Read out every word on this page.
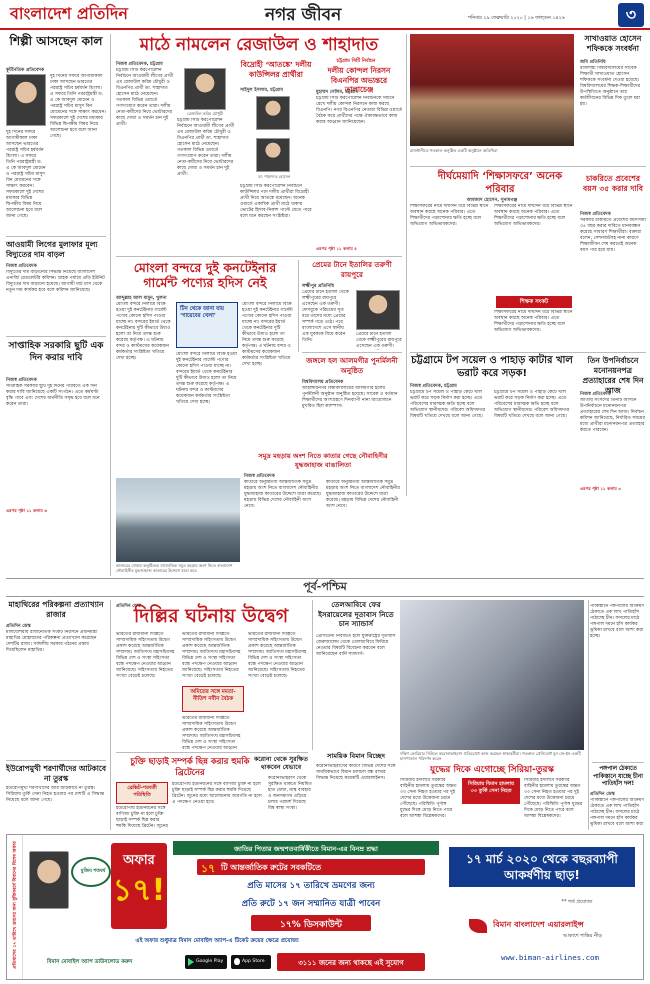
বাংলাদেশ প্রতিদিন	নগর জীবন	শনিবার ২৯ ফেব্রুয়ারি ২০২০ | ১৬ ফাল্গুন ১৪২৬	৩
শিল্পী আসছেন কাল
কূটনৈতিক প্রতিবেদক
দুই দিনের সফরে আগামীকাল ঢাকা আসছেন ভারতের পররাষ্ট্র সচিব হর্ষবর্ধন শ্রিংলা। এ সফরে তিনি পররাষ্ট্রমন্ত্রী ড. এ কে আবদুল মোমেন ও পররাষ্ট্র সচিব মাসুদ বিন মোমেনের সঙ্গে সাক্ষাৎ করবেন। সফরকালে দুই দেশের মধ্যকার বিভিন্ন দ্বিপক্ষীয় বিষয় নিয়ে আলোচনা হবে বলে জানা গেছে।
দুই দিনের সফরে আগামীকাল ঢাকা আসছেন ভারতের পররাষ্ট্র সচিব হর্ষবর্ধন শ্রিংলা। এ সফরে তিনি পররাষ্ট্রমন্ত্রী ড. এ কে আবদুল মোমেন ও পররাষ্ট্র সচিব মাসুদ বিন মোমেনের সঙ্গে সাক্ষাৎ করবেন। সফরকালে দুই দেশের মধ্যকার বিভিন্ন দ্বিপক্ষীয় বিষয় নিয়ে আলোচনা হবে বলে জানা গেছে।
আওয়ামী লিগের মুলাফার মূল্য বিদ্যুতের দাম বাড়ল
নিজস্ব প্রতিবেদক
বিদ্যুতের দাম বাড়ানোর সিদ্ধান্ত নিয়েছে বাংলাদেশ এনার্জি রেগুলেটরি কমিশন। গ্রাহক পর্যায়ে প্রতি ইউনিট বিদ্যুতের দাম বাড়ানো হয়েছে। আগামী মার্চ মাস থেকে নতুন দাম কার্যকর হবে বলে কমিশন জানিয়েছে।
সাপ্তাহিক সরকারি ছুটি এক দিন করার দাবি
নিজস্ব প্রতিবেদক
সাপ্তাহিক সরকারি ছুটি দুই দিনের পরিবর্তে এক দিন করার দাবি জানিয়েছে একটি সংগঠন। এতে কর্মঘণ্টা বৃদ্ধি পাবে এবং দেশের অর্থনীতি সমৃদ্ধ হবে বলে মনে করেন তারা।
এরপর পৃষ্ঠা ১১ কলাম ৬
মাঠে নামলেন রেজাউল ও শাহাদাত
নিজস্ব প্রতিবেদক, চট্টগ্রাম
চট্টগ্রাম সিটি করপোরেশন নির্বাচনে আওয়ামী লীগের প্রার্থী এম রেজাউল করিম চৌধুরী ও বিএনপির প্রার্থী ডা. শাহাদাত হোসেন মাঠে নেমেছেন। গতকাল বিভিন্ন ওয়ার্ডে গণসংযোগ করেন তারা। দলীয় নেতা-কর্মীদের নিয়ে ভোটারদের কাছে দোয়া ও সমর্থন চান দুই প্রার্থী।
চট্টগ্রাম সিটি করপোরেশন নির্বাচনে আওয়ামী লীগের প্রার্থী এম রেজাউল করিম চৌধুরী ও বিএনপির প্রার্থী ডা. শাহাদাত হোসেন মাঠে নেমেছেন। গতকাল বিভিন্ন ওয়ার্ডে গণসংযোগ করেন তারা। দলীয় নেতা-কর্মীদের নিয়ে ভোটারদের কাছে দোয়া ও সমর্থন চান দুই প্রার্থী।
রেজাউল করিম চৌধুরী
বিদ্রোহী ‘আতঙ্কে’ দলীয় কাউন্সিলর প্রার্থীরা
সাইদুল ইসলাম, চট্টগ্রাম
ডা. শাহাদাত হোসেন
চট্টগ্রাম সিটি করপোরেশন নির্বাচনে কাউন্সিলর পদে দলীয় প্রার্থীরা বিদ্রোহী প্রার্থী নিয়ে আতঙ্কে রয়েছেন। অনেক ওয়ার্ডে একাধিক প্রার্থী মাঠে থাকায় ভোটের হিসাব-নিকাশ পাল্টে যেতে পারে বলে মনে করছেন সংশ্লিষ্টরা।
চট্টগ্রাম সিটি নির্বাচন
দলীয় কোন্দল নিরসন বিএনপির অভ্যন্তরে তালাচেঞ্জ
মুহাম্মদ সেলিম, চট্টগ্রাম
চট্টগ্রাম সিটি করপোরেশন নির্বাচনকে সামনে রেখে দলীয় কোন্দল নিরসনে কাজ করছে বিএনপি। নগর বিএনপির নেতারা বিভিন্ন ওয়ার্ডে বৈঠক করে প্রার্থীদের পক্ষে ঐক্যবদ্ধভাবে কাজ করার আহ্বান জানিয়েছেন।
এরপর পৃষ্ঠা ১১ কলাম ৫
রাজধানীতে গতকাল অনুষ্ঠিত একটি অনুষ্ঠানে অতিথিরা
সাখাওয়াত হোসেন শফিককে সংবর্ধনা
জবি প্রতিনিধি
রাজশাহী বিশ্ববিদ্যালয়ের সাবেক শিক্ষার্থী সাখাওয়াত হোসেন শফিককে সংবর্ধনা দেওয়া হয়েছে। বিশ্ববিদ্যালয়ের শিক্ষক-শিক্ষার্থীদের উপস্থিতিতে অনুষ্ঠানে তার কর্মজীবনের বিভিন্ন দিক তুলে ধরা হয়।
দীর্ঘমেয়াদি ‘শিক্ষাসফরে’ অনেক পরিবার
আমজাদ হোসেন, সুনামগঞ্জ
শিক্ষাসফরের নামে দীর্ঘদিন ধরে বিভিন্ন স্থানে অবস্থান করছে অনেক পরিবার। এতে শিক্ষার্থীদের পড়াশোনার ক্ষতি হচ্ছে বলে অভিযোগ অভিভাবকদের।
শিক্ষাসফরের নামে দীর্ঘদিন ধরে বিভিন্ন স্থানে অবস্থান করছে অনেক পরিবার। এতে শিক্ষার্থীদের পড়াশোনার ক্ষতি হচ্ছে বলে অভিযোগ অভিভাবকদের।
শিক্ষক সংকট
শিক্ষাসফরের নামে দীর্ঘদিন ধরে বিভিন্ন স্থানে অবস্থান করছে অনেক পরিবার। এতে শিক্ষার্থীদের পড়াশোনার ক্ষতি হচ্ছে বলে অভিযোগ অভিভাবকদের।
চাকরিতে প্রবেশের বয়স ৩৫ করার দাবি
নিজস্ব প্রতিবেদক
সরকারি চাকরিতে প্রবেশের বয়সসীমা ৩৫ বছর করার দাবিতে মানববন্ধন করেছে সাধারণ শিক্ষার্থীরা। বক্তারা বলেন, সেশনজটসহ নানা কারণে শিক্ষাজীবন শেষ করতেই অনেক বয়স পার হয়ে যায়।
চট্টগ্রামে টপ সয়েল ও পাহাড় কাটার খাল ভরাট করে সড়ক!
নিজস্ব প্রতিবেদক, চট্টগ্রাম
চট্টগ্রামে টপ সয়েল ও পাহাড় কেটে খাল ভরাট করে সড়ক নির্মাণ করা হচ্ছে। এতে পরিবেশের মারাত্মক ক্ষতি হচ্ছে বলে অভিযোগ স্থানীয়দের। পরিবেশ অধিদফতর বিষয়টি খতিয়ে দেখছে বলে জানা গেছে।
চট্টগ্রামে টপ সয়েল ও পাহাড় কেটে খাল ভরাট করে সড়ক নির্মাণ করা হচ্ছে। এতে পরিবেশের মারাত্মক ক্ষতি হচ্ছে বলে অভিযোগ স্থানীয়দের। পরিবেশ অধিদফতর বিষয়টি খতিয়ে দেখছে বলে জানা গেছে।
তিন উপনির্বাচনে মনোনয়নপত্র প্রত্যাহারের শেষ দিন আজ
নিজস্ব প্রতিবেদক
জাতীয় সংসদের তিনটি আসনে উপনির্বাচনে মনোনয়নপত্র প্রত্যাহারের শেষ দিন আজ। নির্বাচন কমিশন জানিয়েছে, নির্ধারিত সময়ের মধ্যে প্রার্থীরা মনোনয়নপত্র প্রত্যাহার করতে পারবেন।
এরপর পৃষ্ঠা ১১ কলাম ৩
মোংলা বন্দরে দুই কনটেইনার গার্মেন্ট পণ্যের হদিস নেই
আব্দুল্লাহ আল মামুন, খুলনা
মোংলা বন্দরে নিলামে বিক্রি হওয়া দুই কনটেইনার গার্মেন্ট পণ্যের কোনো হদিস পাওয়া যাচ্ছে না। বন্দরের ইয়ার্ড থেকে কনটেইনার দুটি কীভাবে উধাও হলো তা নিয়ে তদন্ত শুরু করেছে কর্তৃপক্ষ। এ ঘটনায় বন্দর ও কাস্টমসের কয়েকজন কর্মকর্তার সংশ্লিষ্টতা খতিয়ে দেখা হচ্ছে।
টিন থেকে জানা যায় ‘গায়েবের খেলা’
মোংলা বন্দরে নিলামে বিক্রি হওয়া দুই কনটেইনার গার্মেন্ট পণ্যের কোনো হদিস পাওয়া যাচ্ছে না। বন্দরের ইয়ার্ড থেকে কনটেইনার দুটি কীভাবে উধাও হলো তা নিয়ে তদন্ত শুরু করেছে কর্তৃপক্ষ। এ ঘটনায় বন্দর ও কাস্টমসের কয়েকজন কর্মকর্তার সংশ্লিষ্টতা খতিয়ে দেখা হচ্ছে।
মোংলা বন্দরে নিলামে বিক্রি হওয়া দুই কনটেইনার গার্মেন্ট পণ্যের কোনো হদিস পাওয়া যাচ্ছে না। বন্দরের ইয়ার্ড থেকে কনটেইনার দুটি কীভাবে উধাও হলো তা নিয়ে তদন্ত শুরু করেছে কর্তৃপক্ষ। এ ঘটনায় বন্দর ও কাস্টমসের কয়েকজন কর্মকর্তার সংশ্লিষ্টতা খতিয়ে দেখা হচ্ছে।
প্রেমের টানে ইতালির তরুণী রায়পুরে
লক্ষ্মীপুর প্রতিনিধি
প্রেমের টানে ইতালি থেকে লক্ষ্মীপুরের রায়পুরে এসেছেন এক তরুণী। ফেসবুকে পরিচয়ের সূত্র ধরে তাদের মধ্যে প্রেমের সম্পর্ক গড়ে ওঠে। পরে বাংলাদেশে এসে স্থানীয় এক যুবককে বিয়ে করেন তিনি।
প্রেমের টানে ইতালি থেকে লক্ষ্মীপুরের রায়পুরে এসেছেন এক তরুণী।
জঙ্গলে হল আলমগীর পুনর্মিলনী অনুষ্ঠিত
বিশ্ববিদ্যালয় প্রতিবেদক
জাহাঙ্গীরনগর বিশ্ববিদ্যালয়ের আলমগীর হলের পুনর্মিলনী অনুষ্ঠান অনুষ্ঠিত হয়েছে। সাবেক ও বর্তমান শিক্ষার্থীদের অংশগ্রহণে দিনব্যাপী নানা আয়োজনে মুখরিত ছিল ক্যাম্পাস।
সমুদ্র মহড়ায় অংশ নিতে কাতার গেছে নৌবাহিনীর যুদ্ধজাহাজ বাঙালিতা
কাতারের দোহায় অনুষ্ঠিতব্য বহুজাতিক সমুদ্র মহড়ায় অংশ নিতে বাংলাদেশ নৌবাহিনীর যুদ্ধজাহাজ কাতারের উদ্দেশে যাত্রা করে
নিজস্ব প্রতিবেদক
কাতারে অনুষ্ঠিতব্য আন্তর্জাতিক সমুদ্র মহড়ায় অংশ নিতে বাংলাদেশ নৌবাহিনীর যুদ্ধজাহাজ কাতারের উদ্দেশে যাত্রা করেছে। মহড়ায় বিভিন্ন দেশের নৌবাহিনী অংশ নেবে।
কাতারে অনুষ্ঠিতব্য আন্তর্জাতিক সমুদ্র মহড়ায় অংশ নিতে বাংলাদেশ নৌবাহিনীর যুদ্ধজাহাজ কাতারের উদ্দেশে যাত্রা করেছে। মহড়ায় বিভিন্ন দেশের নৌবাহিনী অংশ নেবে।
পূর্ব-পশ্চিম
মাহাথিরের পরিকল্পনা প্রত্যাখ্যান রাজার
প্রতিদিন ডেস্ক
মালয়েশিয়ায় রাজনৈতিক সংকট নিরসনে প্রধানমন্ত্রী মাহাথির মোহাম্মদের পরিকল্পনা প্রত্যাখ্যান করেছেন দেশটির রাজা। সর্বদলীয় সরকার গঠনের প্রস্তাব দিয়েছিলেন মাহাথির।
ইউরোপমুখী শরণার্থীদের আটকাবে না তুরস্ক
ইউরোপমুখী শরণার্থীদের আর আটকাবে না তুরস্ক। সিরিয়ায় তুর্কি সেনা নিহত হওয়ার পর দেশটি এ সিদ্ধান্ত নিয়েছে বলে জানা গেছে।
প্রতিদিন ডেস্ক
দিল্লির ঘটনায় উদ্বেগ
ভারতের রাজধানী দিল্লিতে সাম্প্রদায়িক সহিংসতায় উদ্বেগ প্রকাশ করেছে আন্তর্জাতিক সম্প্রদায়। জাতিসংঘ মহাসচিবসহ বিভিন্ন দেশ ও সংস্থা সহিংসতা বন্ধে পদক্ষেপ নেওয়ার আহ্বান জানিয়েছে। সহিংসতায় নিহতের সংখ্যা বেড়েই চলেছে।
ভারতের রাজধানী দিল্লিতে সাম্প্রদায়িক সহিংসতায় উদ্বেগ প্রকাশ করেছে আন্তর্জাতিক সম্প্রদায়। জাতিসংঘ মহাসচিবসহ বিভিন্ন দেশ ও সংস্থা সহিংসতা বন্ধে পদক্ষেপ নেওয়ার আহ্বান জানিয়েছে। সহিংসতায় নিহতের সংখ্যা বেড়েই চলেছে।
অমিতের সঙ্গে মমতা-নীতিশ নবীন বৈঠক
ভারতের রাজধানী দিল্লিতে সাম্প্রদায়িক সহিংসতায় উদ্বেগ প্রকাশ করেছে আন্তর্জাতিক সম্প্রদায়। জাতিসংঘ মহাসচিবসহ বিভিন্ন দেশ ও সংস্থা সহিংসতা বন্ধে পদক্ষেপ নেওয়ার আহ্বান
ভারতের রাজধানী দিল্লিতে সাম্প্রদায়িক সহিংসতায় উদ্বেগ প্রকাশ করেছে আন্তর্জাতিক সম্প্রদায়। জাতিসংঘ মহাসচিবসহ বিভিন্ন দেশ ও সংস্থা সহিংসতা বন্ধে পদক্ষেপ নেওয়ার আহ্বান জানিয়েছে। সহিংসতায় নিহতের সংখ্যা বেড়েই চলেছে।
চুক্তি ছাড়াই সম্পর্ক ছিন্ন করার হুমকি ব্রিটেনের
ব্রেক্সিট-পরবর্তী পরিস্থিতি
ইউরোপীয় ইউনিয়নের সঙ্গে বাণিজ্য চুক্তি না হলে চুক্তি ছাড়াই সম্পর্ক ছিন্ন করার হুমকি দিয়েছে ব্রিটেন। জুনের মধ্যে আলোচনায় অগ্রগতি না হলে এ পদক্ষেপ নেওয়া হবে।
ইউরোপীয় ইউনিয়নের সঙ্গে বাণিজ্য চুক্তি না হলে চুক্তি ছাড়াই সম্পর্ক ছিন্ন করার হুমকি দিয়েছে ব্রিটেন। জুনের
করোনা থেকে সুরক্ষিত থাকবেন যেভাবে
করোনাভাইরাস থেকে সুরক্ষিত থাকতে নিয়মিত হাত ধোয়া, মাস্ক ব্যবহার ও জনসমাগম এড়িয়ে চলার পরামর্শ দিয়েছে বিশ্ব স্বাস্থ্য সংস্থা।
তেলআবিবে ফের ইসরায়েলের দূতাবাস নিতে চান স্যান্ডার্স
প্রেসিডেন্ট নির্বাচিত হলে যুক্তরাষ্ট্রের দূতাবাস জেরুজালেম থেকে তেলআবিবে ফিরিয়ে নেওয়ার বিষয়টি বিবেচনা করবেন বলে জানিয়েছেন বার্নি স্যান্ডার্স।
সাময়িক বিমান বিচ্ছেদ
করোনাভাইরাসের কারণে বিভিন্ন দেশের সঙ্গে সাময়িকভাবে বিমান চলাচল বন্ধ রাখার সিদ্ধান্ত নিয়েছে কয়েকটি এয়ারলাইনস।
দক্ষিণ কোরিয়ার সিউলে করোনাভাইরাস প্রতিরোধে কাজ করছেন স্বাস্থ্যকর্মীরা। গতকাল প্রেসিডেন্ট মুন জে-ইন একটি হাসপাতাল পরিদর্শন করেন
যুদ্ধের দিকে এগোচ্ছে সিরিয়া-তুরস্ক
সিরিয়ার ইদলিবে সরকারি বাহিনীর হামলায় তুরস্কের অন্তত ৩৩ সেনা নিহত হওয়ার পর দুই দেশের মধ্যে উত্তেজনা চরমে পৌঁছেছে। পরিস্থিতি পূর্ণাঙ্গ যুদ্ধের দিকে মোড় নিতে পারে বলে আশঙ্কা বিশ্লেষকদের।
সিরিয়ায় বিমান হামলায় ৩৩ তুর্কি সেনা নিহত
সিরিয়ার ইদলিবে সরকারি বাহিনীর হামলায় তুরস্কের অন্তত ৩৩ সেনা নিহত হওয়ার পর দুই দেশের মধ্যে উত্তেজনা চরমে পৌঁছেছে। পরিস্থিতি পূর্ণাঙ্গ যুদ্ধের দিকে মোড় নিতে পারে বলে আশঙ্কা বিশ্লেষকদের।
পঙ্গপাল ঠেকাতে পাকিস্তানে যাচ্ছে চীনা পাতিহাঁস দল!
প্রতিদিন ডেস্ক
পাকিস্তানে পঙ্গপালের আক্রমণ ঠেকাতে এক লাখ পাতিহাঁস পাঠাচ্ছে চীন। ফসলের মাঠে পঙ্গপাল দমনে হাঁস কার্যকর ভূমিকা রাখবে বলে আশা করা
পাকিস্তানে পঙ্গপালের আক্রমণ ঠেকাতে এক লাখ পাতিহাঁস পাঠাচ্ছে চীন। ফসলের মাঠে পঙ্গপাল দমনে হাঁস কার্যকর ভূমিকা রাখবে বলে আশা করা হচ্ছে।
প্রতিমাসের ১৭ তারিখে ভ্রমণের জন্য মুজিববর্ষে বিমানের বিশেষ অফার	মুজিব শতবর্ষ
অফার
১৭!
জাতির পিতার জন্মশতবার্ষিকীতে বিমান-এর বিনম্র শ্রদ্ধা
১৭ টি আন্তর্জাতিক রুটের সবকটিতে
প্রতি মাসের ১৭ তারিখে ভ্রমণের জন্য
প্রতি রুটে ১৭ জন সম্মানিত যাত্রী পাবেন
১৭% ডিসকাউন্ট
এই অফার শুধুমাত্র বিমান মোবাইল অ্যাপ-এ টিকেট ক্রয়ের ক্ষেত্রে প্রযোজ্য
বিমান মোবাইল অ্যাপ ডাউনলোড করুন	Google Play	App Store	৩১১১ জনের জন্য থাকছে এই সুযোগ
১৭ মার্চ ২০২০ থেকে বছরব্যাপী আকর্ষণীয় ছাড়!
** শর্ত প্রযোজ্য
বিমান বাংলাদেশ এয়ারলাইন্স
আকাশে শান্তির নীড়
www.biman-airlines.com
